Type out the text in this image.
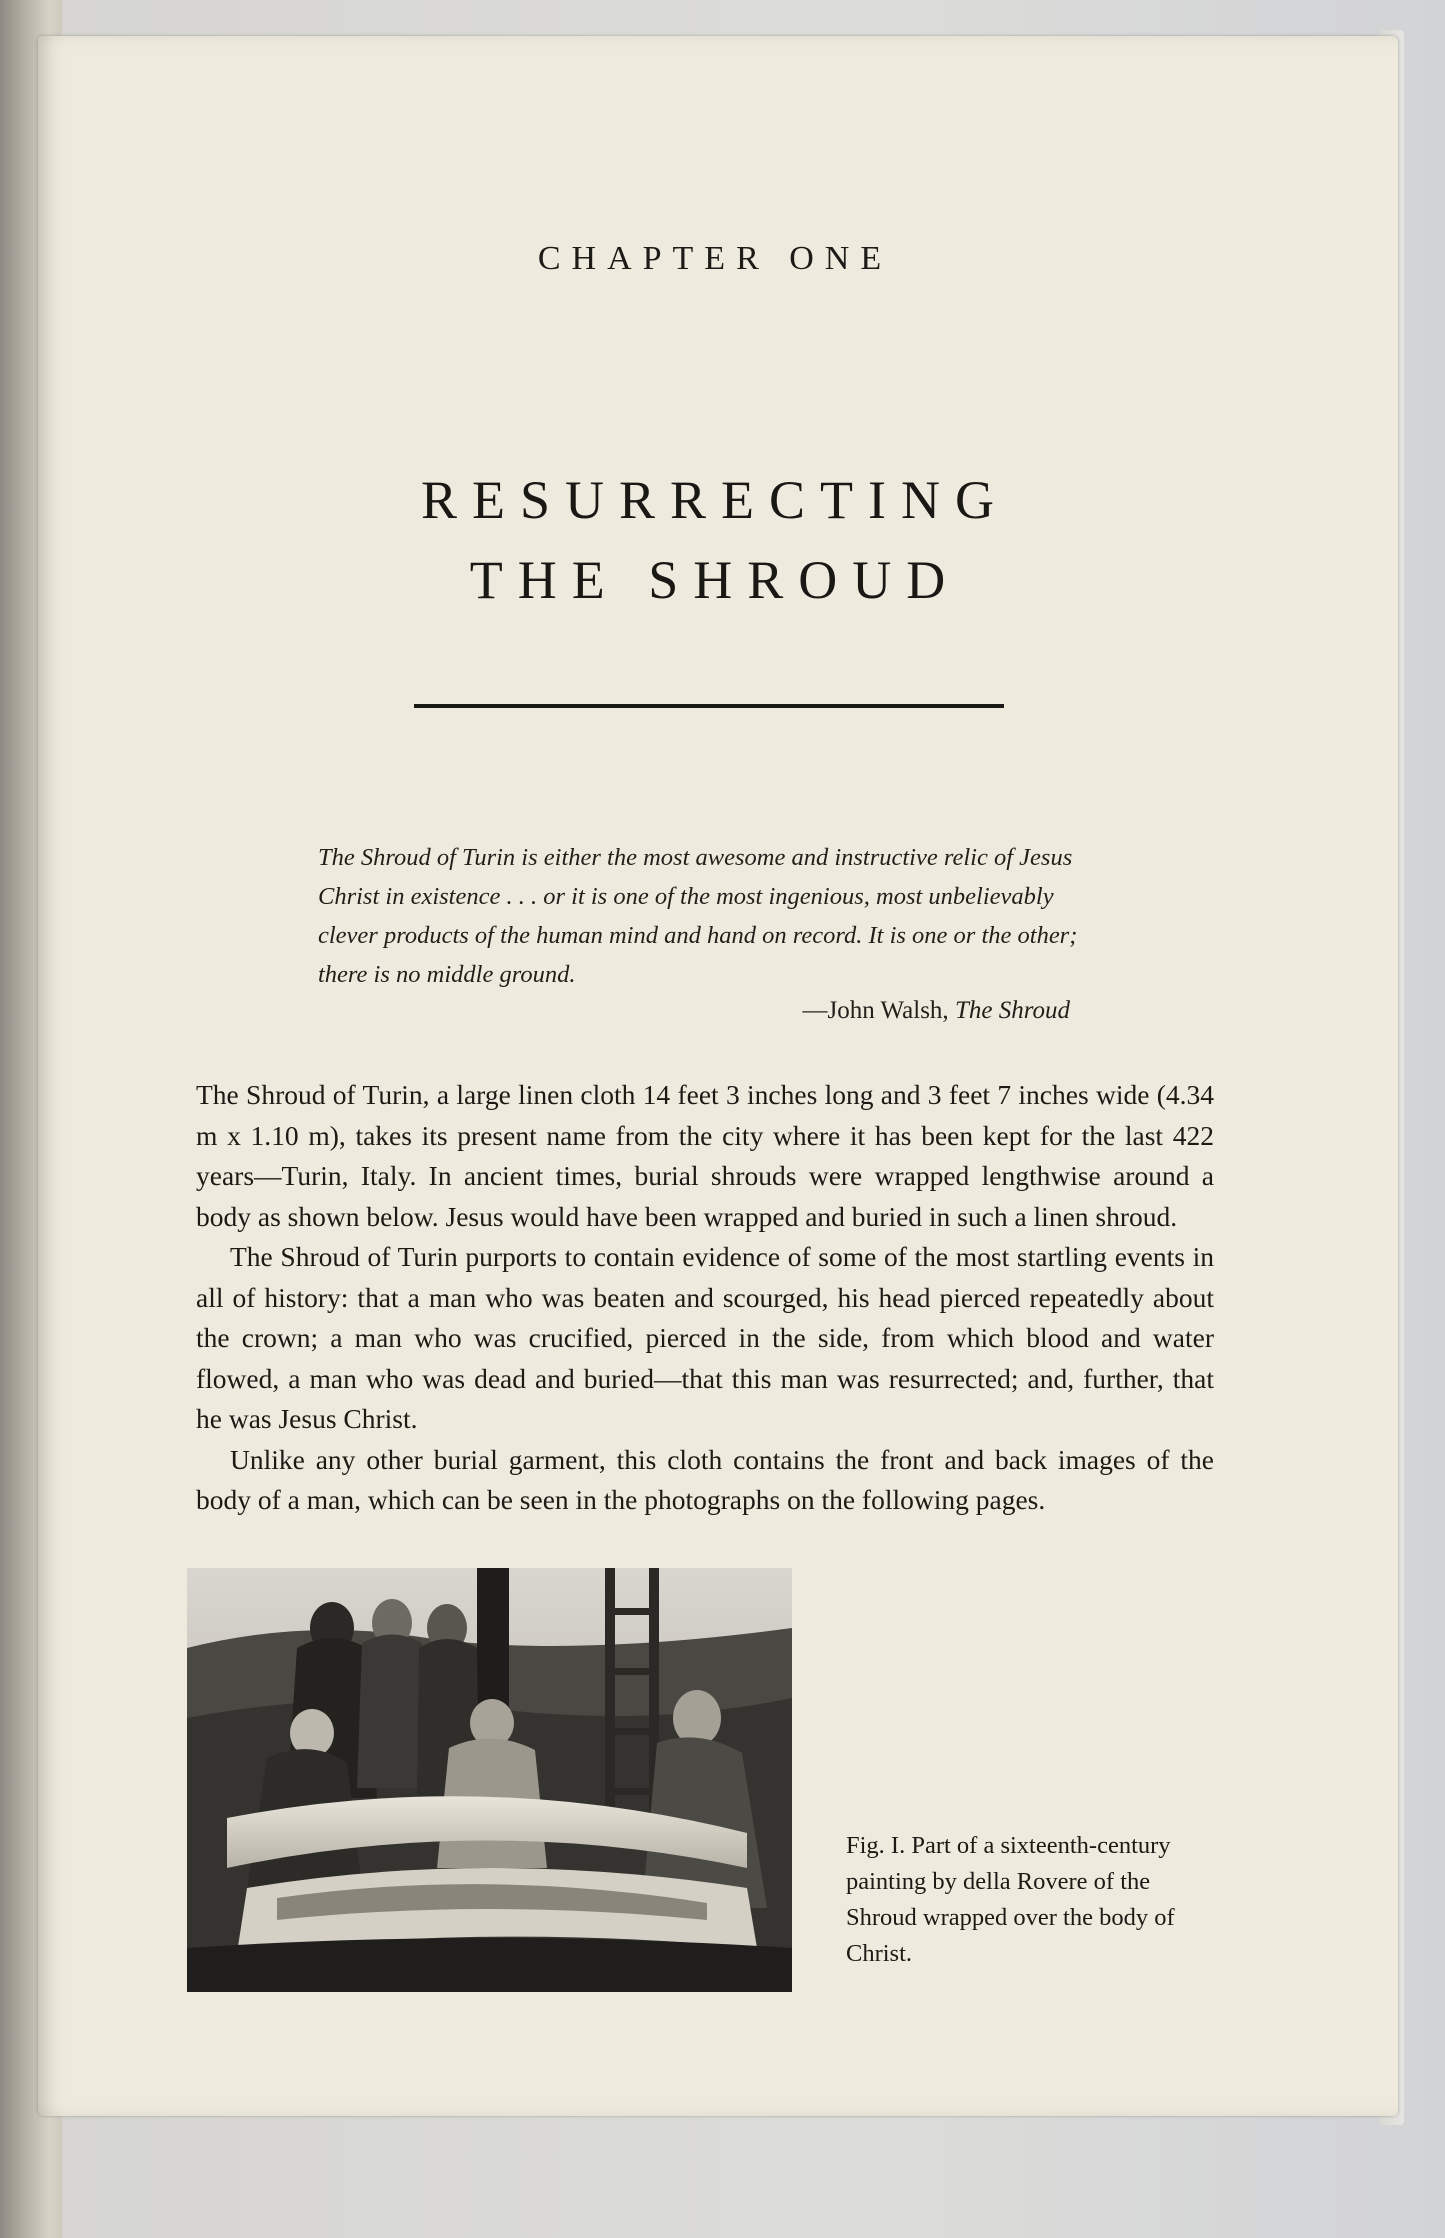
CHAPTER ONE
RESURRECTING
THE SHROUD
The Shroud of Turin is either the most awesome and instructive relic of Jesus Christ in existence . . . or it is one of the most ingenious, most unbelievably clever products of the human mind and hand on record. It is one or the other; there is no middle ground.
—John Walsh, The Shroud

The Shroud of Turin, a large linen cloth 14 feet 3 inches long and 3 feet 7 inches wide (4.34 m x 1.10 m), takes its present name from the city where it has been kept for the last 422 years—Turin, Italy. In ancient times, burial shrouds were wrapped lengthwise around a body as shown below. Jesus would have been wrapped and buried in such a linen shroud.

The Shroud of Turin purports to contain evidence of some of the most startling events in all of history: that a man who was beaten and scourged, his head pierced repeatedly about the crown; a man who was crucified, pierced in the side, from which blood and water flowed, a man who was dead and buried—that this man was resurrected; and, further, that he was Jesus Christ.

Unlike any other burial garment, this cloth contains the front and back images of the body of a man, which can be seen in the photographs on the following pages.

Fig. I. Part of a sixteenth-century painting by della Rovere of the Shroud wrapped over the body of Christ.
